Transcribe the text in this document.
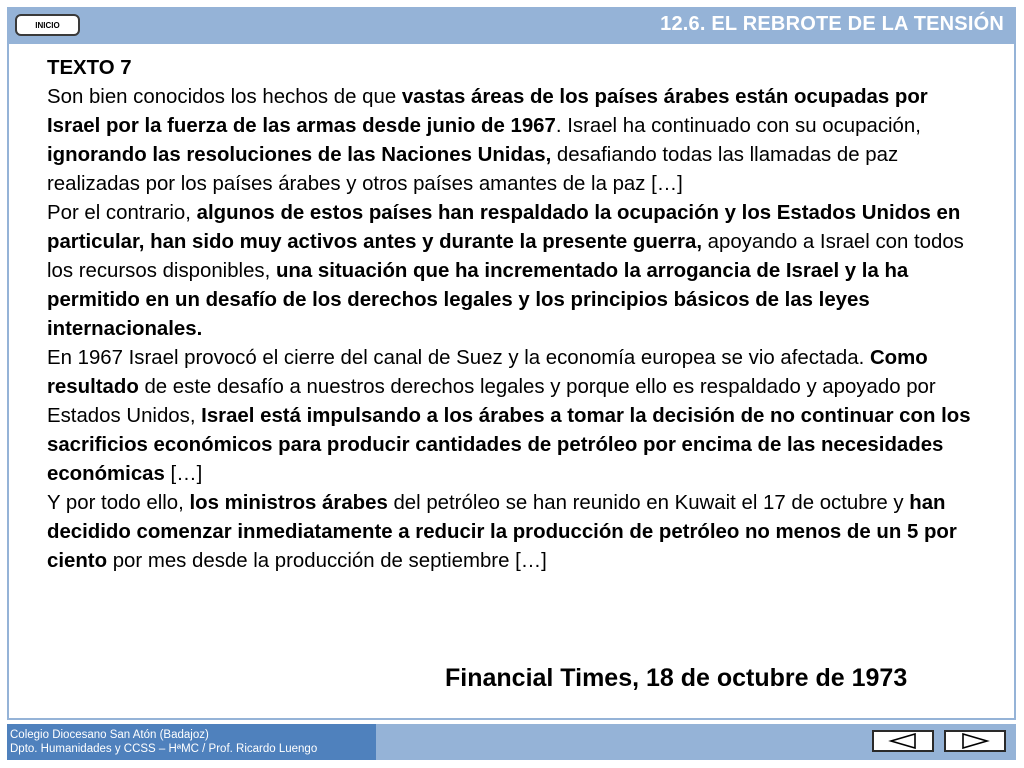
INICIO	12.6. EL REBROTE DE LA TENSIÓN

TEXTO 7

Son bien conocidos los hechos de que vastas áreas de los países árabes están ocupadas por Israel por la fuerza de las armas desde junio de 1967. Israel ha continuado con su ocupación, ignorando las resoluciones de las Naciones Unidas, desafiando todas las llamadas de paz realizadas por los países árabes y otros países amantes de la paz […]

Por el contrario, algunos de estos países han respaldado la ocupación y los Estados Unidos en particular, han sido muy activos antes y durante la presente guerra, apoyando a Israel con todos los recursos disponibles, una situación que ha incrementado la arrogancia de Israel y la ha permitido en un desafío de los derechos legales y los principios básicos de las leyes internacionales.

En 1967 Israel provocó el cierre del canal de Suez y la economía europea se vio afectada. Como resultado de este desafío a nuestros derechos legales y porque ello es respaldado y apoyado por Estados Unidos, Israel está impulsando a los árabes a tomar la decisión de no continuar con los sacrificios económicos para producir cantidades de petróleo por encima de las necesidades económicas […]

Y por todo ello, los ministros árabes del petróleo se han reunido en Kuwait el 17 de octubre y han decidido comenzar inmediatamente a reducir la producción de petróleo no menos de un 5 por ciento por mes desde la producción de septiembre […]

Financial Times, 18 de octubre de 1973
Colegio Diocesano San Atón (Badajoz)
Dpto. Humanidades y CCSS – HªMC / Prof. Ricardo Luengo
